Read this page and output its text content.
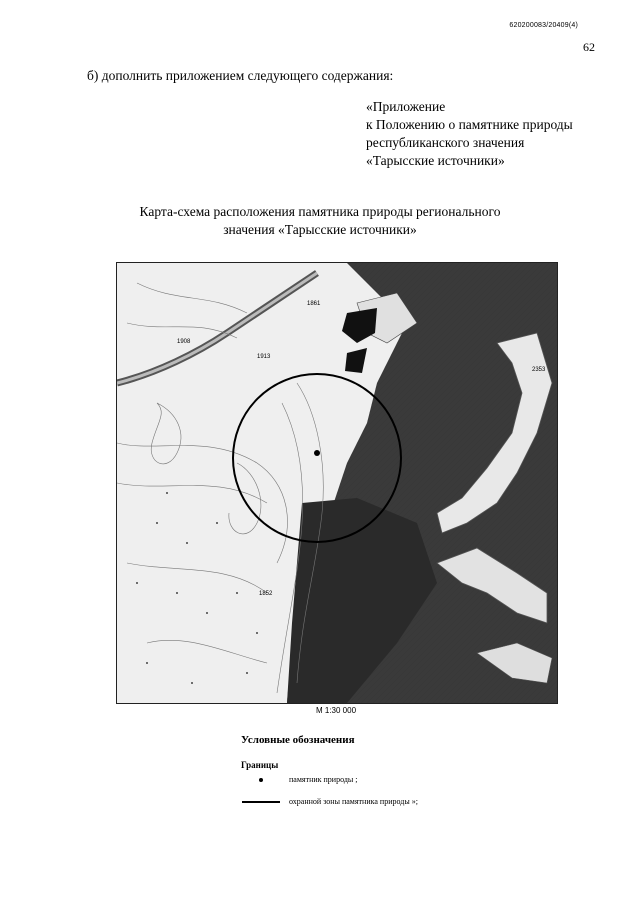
620200083/20409(4)
62
б) дополнить приложением следующего содержания:
«Приложение
к Положению о памятнике природы
республиканского значения
«Тарысские источники»
Карта-схема расположения памятника природы регионального
значения «Тарысские источники»
1861
1908
1913
2353
1852
М 1:30 000
Условные обозначения
Границы
памятник природы ;
охранной зоны памятника природы »;
